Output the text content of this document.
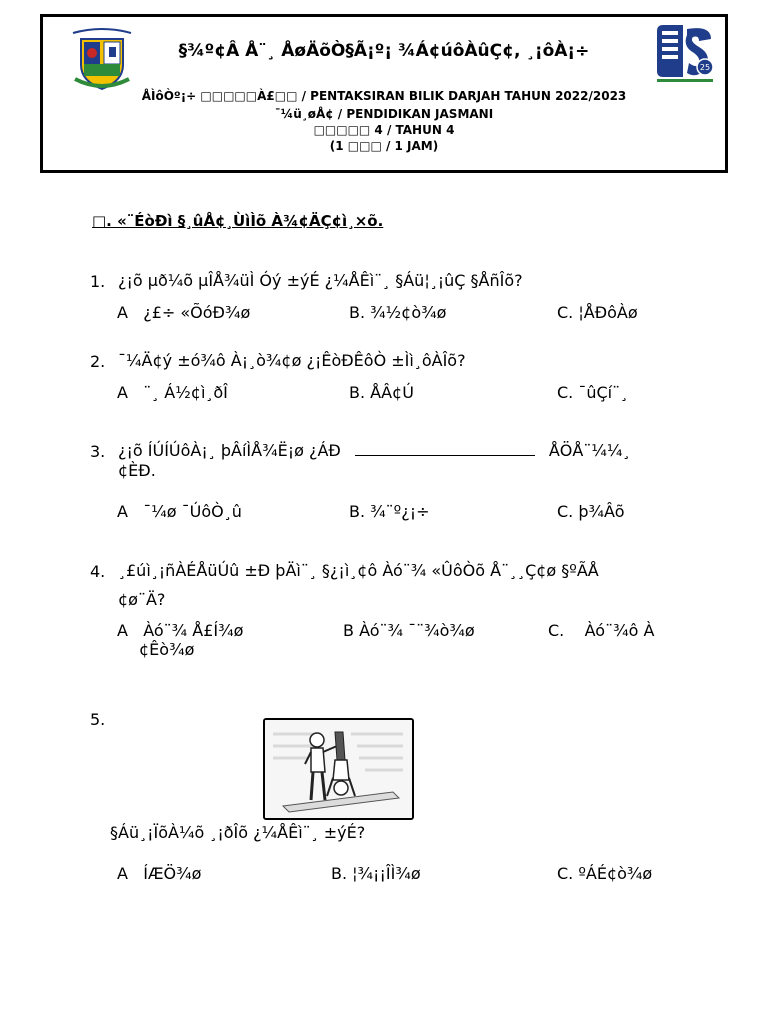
§¾º¢Â Å¨¸ ÅøÄõÒ§Ã¡º¡ ¾Á¢úôÀûÇ¢, ¸¡ôÀ¡÷
ÅÌôÒº¡÷ □□□□□À£□□ / PENTAKSIRAN BILIK DARJAH TAHUN 2022/2023
¯¼ü¸øÅ¢ / PENDIDIKAN JASMANI
□□□□□ 4 / TAHUN 4
(1 □□□ / 1 JAM)
25
□. «¨ÉòÐì §¸ûÅ¢¸ÙìÌõ À¾¢ÄÇ¢ì¸×õ.
1. ¿¡õ µð¼õ µÎÅ¾üÌ Óý ±ýÉ ¿¼ÅÊì¨¸ §Áü¦¸¡ûÇ §ÅñÎõ?
A ¿£÷ «ÕóÐ¾ø	B. ¾½¢ò¾ø	C. ¦ÅÐôÀø
2. ¯¼Ä¢ý ±ó¾ô À¡¸ò¾¢ø ¿¡ÊòÐÊôÒ ±Ìì¸ôÀÎõ?
A ¨¸ Á½¢ì¸ðÎ	B. ÅÂ¢Ú	C. ¯ûÇí¨¸
3. ¿¡õ ÍÚÍÚôÀ¡¸ þÂíÌÅ¾Ë¡ø ¿ÁÐ	ÅÖÅ¨¼¼¸
¢ÈÐ.
A ¯¼ø ¯ÚôÒ¸û	B. ¾¨º¿¡÷	C. þ¾Âõ
4. ¸£úì¸¡ñÀÉÅüÚû ±Ð þÄì¨¸ §¿¡ì¸¢ô Àó¨¾ «ÛôÒõ Å¨¸¸Ç¢ø §ºÃÅ
¢ø¨Ä?
A Àó¨¾ Å£Í¾ø	B Àó¨¾ ¯¨¾ò¾ø	C. Àó¨¾ô À
¢Êò¾ø
5.
§Áü¸¡ÏõÀ¼õ ¸¡ðÎõ ¿¼ÅÊì¨¸ ±ýÉ?
A ÍÆÖ¾ø	B. ¦¾¡¡ÎÌ¾ø	C. ºÁÉ¢ò¾ø
